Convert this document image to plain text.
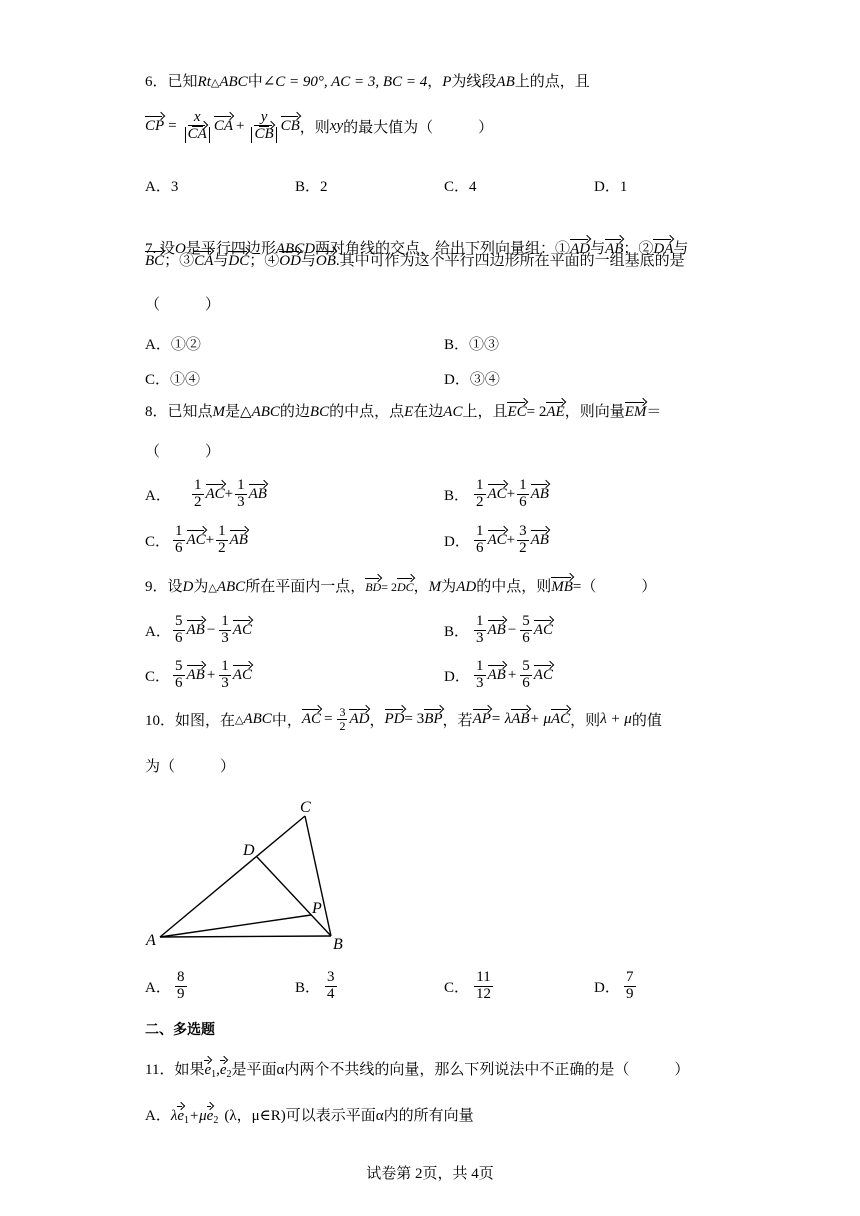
6．已知Rt△ABC中∠C = 90°, AC = 3, BC = 4，P为线段AB上的点，且
CP = $\frac{x}{CA}$ CA + $\frac{y}{CB}$ CB ，则 xy 的最大值为（　　　）
A．3	B．2	C．4	D．1
7. 设O是平行四边形ABCD两对角线的交点，给出下列向量组：①AD与AB；②DA与
BC；③CA与DC；④OD与OB.其中可作为这个平行四边形所在平面的一组基底的是
（　　　）
A．①②	B．①③
C．①④	D．③④
8．已知点M是△ABC的边BC的中点，点E在边AC上，且EC= 2AE，则向量EM＝
（　　　）
A．	$\frac{1}{2}$ AC + $\frac{1}{3}$ AB	B． $\frac{1}{2}$ AC + $\frac{1}{6}$ AB
C． $\frac{1}{6}$ AC + $\frac{1}{2}$ AB	D． $\frac{1}{6}$ AC + $\frac{3}{2}$ AB
9．设D为△ABC所在平面内一点，BD= 2DC，M为AD的中点，则MB=（　　　）
A． $\frac{5}{6}$ AB − $\frac{1}{3}$ AC	B． $\frac{1}{3}$ AB − $\frac{5}{6}$ AC
C． $\frac{5}{6}$ AB + $\frac{1}{3}$ AC	D． $\frac{1}{3}$ AB + $\frac{5}{6}$ AC
10．如图，在 △ ABC 中， AC = $\frac{3}{2}$ AD ， PD = 3 BP ，若 AP = λ AB + μ AC ，则 λ + μ 的值
为（　　　）
A	B
C
D
P
A． $\frac{8}{9}$	B． $\frac{3}{4}$	C． $\frac{11}{12}$	D． $\frac{7}{9}$
二、多选题
11．如果$e_1,e_2$是平面α内两个不共线的向量，那么下列说法中不正确的是（　　　）
A．$\lambda e_1+\mu e_2$ (λ，μ∈R)可以表示平面α内的所有向量
试卷第 2页，共 4页
